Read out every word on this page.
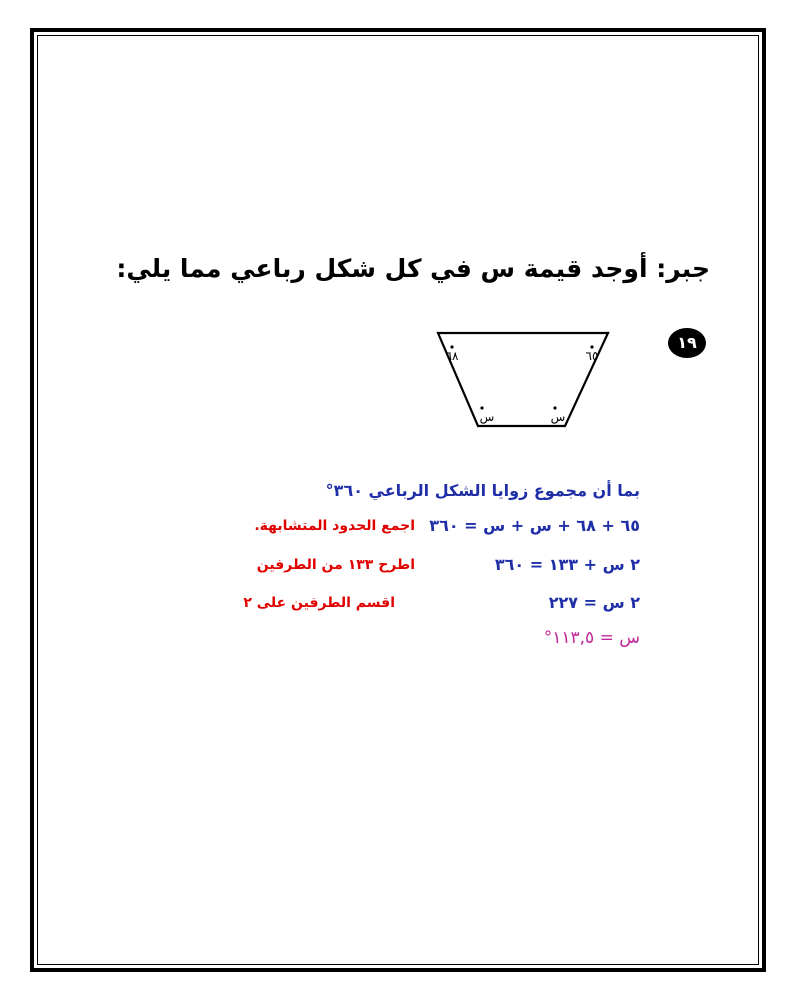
جبر: أوجد قيمة س في كل شكل رباعي مما يلي:
١٩
٦٨	٦٥
س	س
بما أن مجموع زوايا الشكل الرباعي ٣٦٠°
٦٥ + ٦٨ + س + س = ٣٦٠
اجمع الحدود المتشابهة.
٢ س + ١٣٣ = ٣٦٠
اطرح ١٣٣ من الطرفين
٢ س = ٢٢٧
اقسم الطرفين على ٢
س = ١١٣,٥°
